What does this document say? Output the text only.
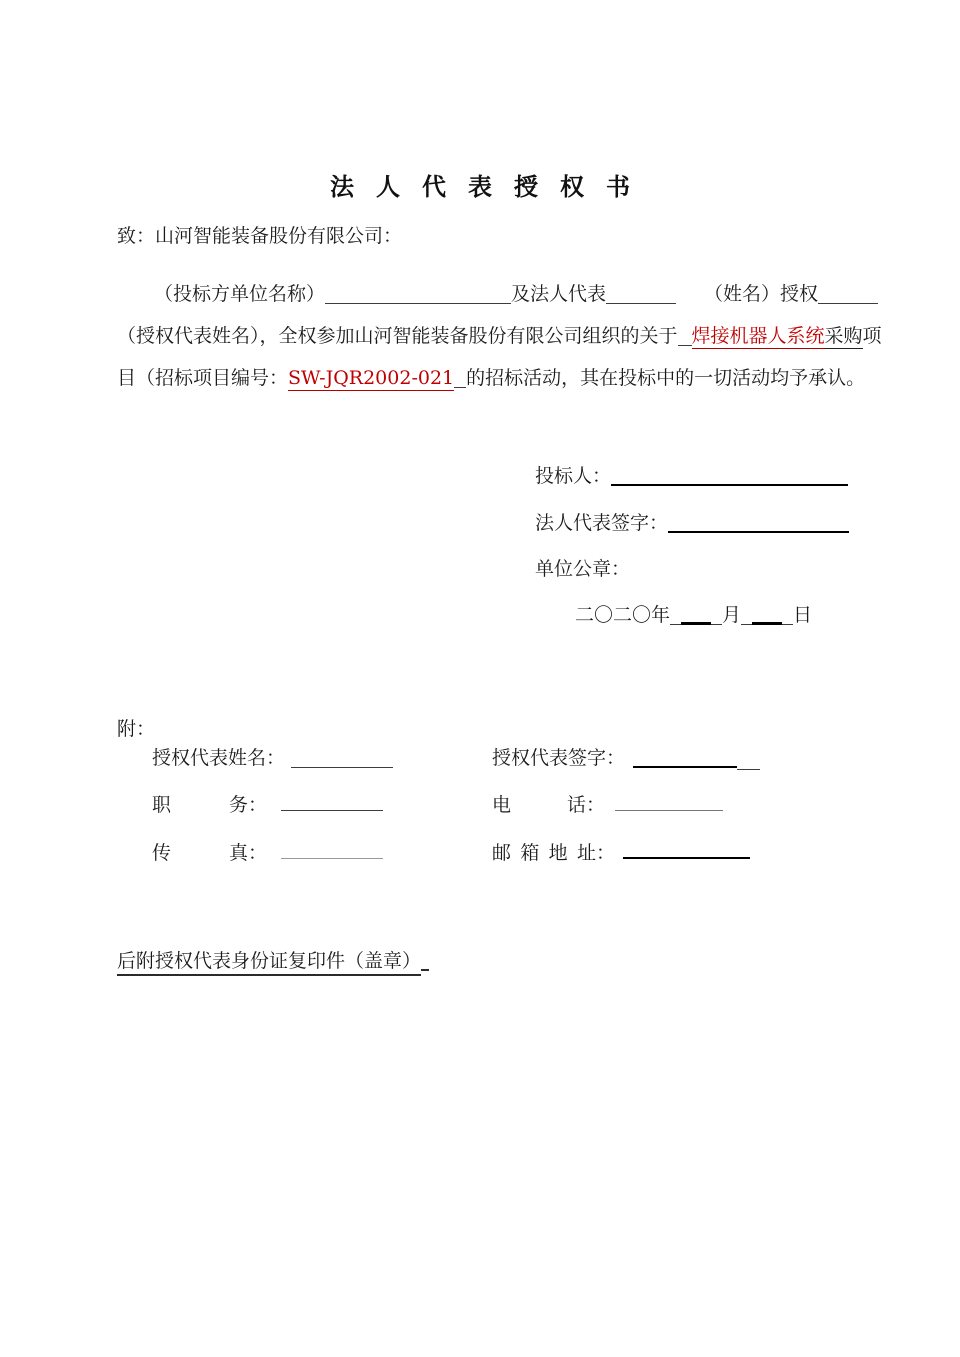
法人代表授权书
致：山河智能装备股份有限公司：
（投标方单位名称）	及法人代表	（姓名）授权
（授权代表姓名），全权参加山河智能装备股份有限公司组织的关于 焊接机器人系统采购项
目（招标项目编号：SW-JQR2002-021 的招标活动，其在投标中的一切活动均予承认。
投标人：
法人代表签字：
单位公章：
二〇二〇年	月	日
附：
授权代表姓名：	授权代表签字：
职	务：	电	话：
传	真：	邮 箱 地 址：
后附授权代表身份证复印件（盖章）
